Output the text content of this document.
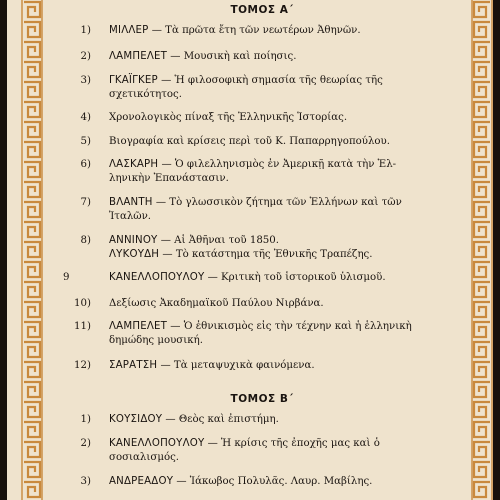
ΤΟΜΟΣ Α΄
1) ΜΙΛΛΕΡ — Τὰ πρῶτα ἔτη τῶν νεωτέρων Ἀθηνῶν.
2) ΛΑΜΠΕΛΕΤ — Μουσικὴ καὶ ποίησις.
3) ΓΚΑΪΓΚΕΡ — Ἡ φιλοσοφικὴ σημασία τῆς θεωρίας τῆς
σχετικότητος.
4) Χρονολογικὸς πίναξ τῆς Ἑλληνικῆς Ἱστορίας.
5) Βιογραφία καὶ κρίσεις περὶ τοῦ Κ. Παπαρρηγοπούλου.
6) ΛΑΣΚΑΡΗ — Ὁ φιλελληνισμὸς ἐν Ἀμερικῇ κατὰ τὴν Ἑλ-
ληνικὴν Ἐπανάστασιν.
7) ΒΛΑΝΤΗ — Τὸ γλωσσικὸν ζήτημα τῶν Ἑλλήνων καὶ τῶν
Ἰταλῶν.
8) ΑΝΝΙΝΟΥ — Αἱ Ἀθῆναι τοῦ 1850.
ΛΥΚΟΥΔΗ — Τὸ κατάστημα τῆς Ἐθνικῆς Τραπέζης.
9	ΚΑΝΕΛΛΟΠΟΥΛΟΥ — Κριτικὴ τοῦ ἱστορικοῦ ὑλισμοῦ.
10) Δεξίωσις Ἀκαδημαϊκοῦ Παύλου Νιρβάνα.
11) ΛΑΜΠΕΛΕΤ — Ὁ ἐθνικισμὸς εἰς τὴν τέχνην καὶ ἡ ἑλληνικὴ
δημώδης μουσική.
12) ΣΑΡΑΤΣΗ — Τὰ μεταψυχικὰ φαινόμενα.
ΤΟΜΟΣ Β΄
1) ΚΟΥΣΙΔΟΥ — Θεὸς καὶ ἐπιστήμη.
2) ΚΑΝΕΛΛΟΠΟΥΛΟΥ — Ἡ κρίσις τῆς ἐποχῆς μας καὶ ὁ
σοσιαλισμός.
3) ΑΝΔΡΕΑΔΟΥ — Ἰάκωβος Πολυλᾶς. Λαυρ. Μαβίλης.
